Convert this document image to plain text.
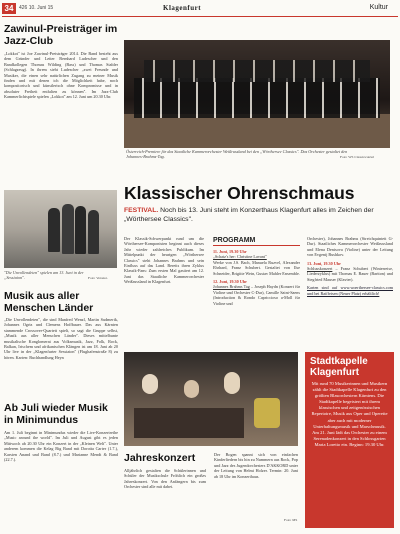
34	426 10. Juni 15	Klagenfurt	Kultur
Zawinul-Preisträger im Jazz-Club
„Lokkot" ist Joe Zawinul-Preisträger 2014. Die Band besteht aus dem Gründer und Leiter Bernhard Ludescher und den Bandkollegen Thomas Wilding (Bass) und Thomas Stabler (Schlagzeug). In ihrem sieht Ludescher „zwei Freunde und Musiker, die einen sehr natürlichen Zugang zu meiner Musik finden und mit denen ich die Möglichkeit habe, noch kompositorisch und künstlerisch ohne Kompromisse und in absoluter Freiheit entfalten zu können". Im Jazz-Club Kammerlichtspiele spielen „Lokkot" am 12. Juni um 20.30 Uhr.
"Die Unvollendeten" spielen am 13. Juni in der „Sessiaion".	Foto: Veranst.
Musik aus aller Menschen Länder
„Die Unvollendeten", die sind Manfred Wenzl, Martin Sudmerik, Johannes Ogriz und Clemens Hoffbauer. Das aus Kärnten stammende Crossover-Quartett spielt, so sagt die Gruppe selbst, „Musik aus aller Menschen Länder". Dieses mittelbunte musikalische Konglomerat aus Volksmusik, Jazz, Folk, Rock, Balkan, Irischem und afrikanischen Klängen ist am 18. Juni ab 20 Uhr live in der „Klagenfurter Sessiaion" (Flughafenstraße 8) zu hören. Karten: Buchhandlung Heyn
Ab Juli wieder Musik in Minimundus
Am 1. Juli beginnt in Minimundus wieder die Live-Konzertreihe „Music around the world". Im Juli und August gibt es jeden Mittwoch ab 20.30 Uhr ein Konzert in der „Kleinen Welt". Unter anderem kommen die Kelag Big Band mit Dorotta Carter (1.7.), Karsten Anand und Band (8.7.) und Marianne Mendt & Band (22.7.).
Österreich-Premiere für das Staatliche Kammerorchester Weißrussland bei den „Wörthersee Classics". Das Orchester gestaltet den Johannes-Brahms-Tag.	Foto: WS Classics/Ariel
Klassischer Ohrenschmaus
FESTIVAL. Noch bis 13. Juni steht im Konzerthaus Klagenfurt alles im Zeichen der „Wörthersee Classics".
Der Klassik-Schwerpunkt rund um die Wörthersee-Komponisten beginnt auch dieses Jahr wieder zahlreiches Publikum. Im Mittelpunkt der heurigen „Wörthersee Classics" steht Johannes Brahms und sein Einfluss auf das Land. Bereits ihren Zyklus Klassik-Fans: Zum ersten Mal gastiert am 12. Juni das Staatliche Kammerorchester Weißrussland in Klagenfurt.
PROGRAMM
11. Juni, 19.30 Uhr
„Schatz's her: Christine Lavant"
Werke von J.S. Bach, Manuela Ruzvel, Alexander Ehrhard, Franz Schubert. Gestaltet von Ilse Schneider, Brigitte Wein, Gustav Mahler Ensemble.
12. Juni, 19.30 Uhr
Johannes Brahms Tag – Joseph Haydn (Konzert für Violine und Orchester C-Dur), Camille Saint-Saens (Introduction & Rondo Capriccioso a-Moll für Violine und
Orchester), Johannes Brahms (Streichquintett G-Dur). Staatliches Kammerorchester Weißrussland und Elena Denisova (Violine) unter der Leitung von Evgenij Bushkov.
13. Juni, 19.30 Uhr
Schlusskonzert – Franz Schubert (Winterreise, Liederzyklus) mit Thomas E. Bauer (Bariton) und Siegfried Mauser (Klavier).
Karten sind auf www.woerthersee-classics.com und bei Raiffeisen (Neuer Platz) erhältlich!
Jahreskonzert
Alljährlich gestalten die Schülerinnen und Schüler der Musikschule Fröhlich ein großes Jahreskonzert. Von den Anfängern bis zum Orchester sind alle mit dabei.
Der Bogen spannt sich von einfachen Kinderliedern bis hin zu Nummern aus Rock, Pop und Jazz des Jugendorchesters D'AKKORD unter der Leitung von Helmi Holzer. Termin: 20. Juni ab 18 Uhr im Konzerthaus.
Foto: MS
Stadtkapelle Klagenfurt
Mit rund 70 Musikerinnen und Musikern zählt die Stadtkapelle Klagenfurt zu den größten Blasorchestern Kärntens. Die Stadtkapelle begeistert mit ihrem klassischen und zeitgenössischen Repertoire, Musik aus Oper und Operette aber auch mit moderner Unterhaltungsmusik und Marschmusik. Am 21. Juni lädt das Orchester zu einem Serenadenkonzert in den Schlossgarten Maria Loretto ein. Beginn: 19.30 Uhr.
